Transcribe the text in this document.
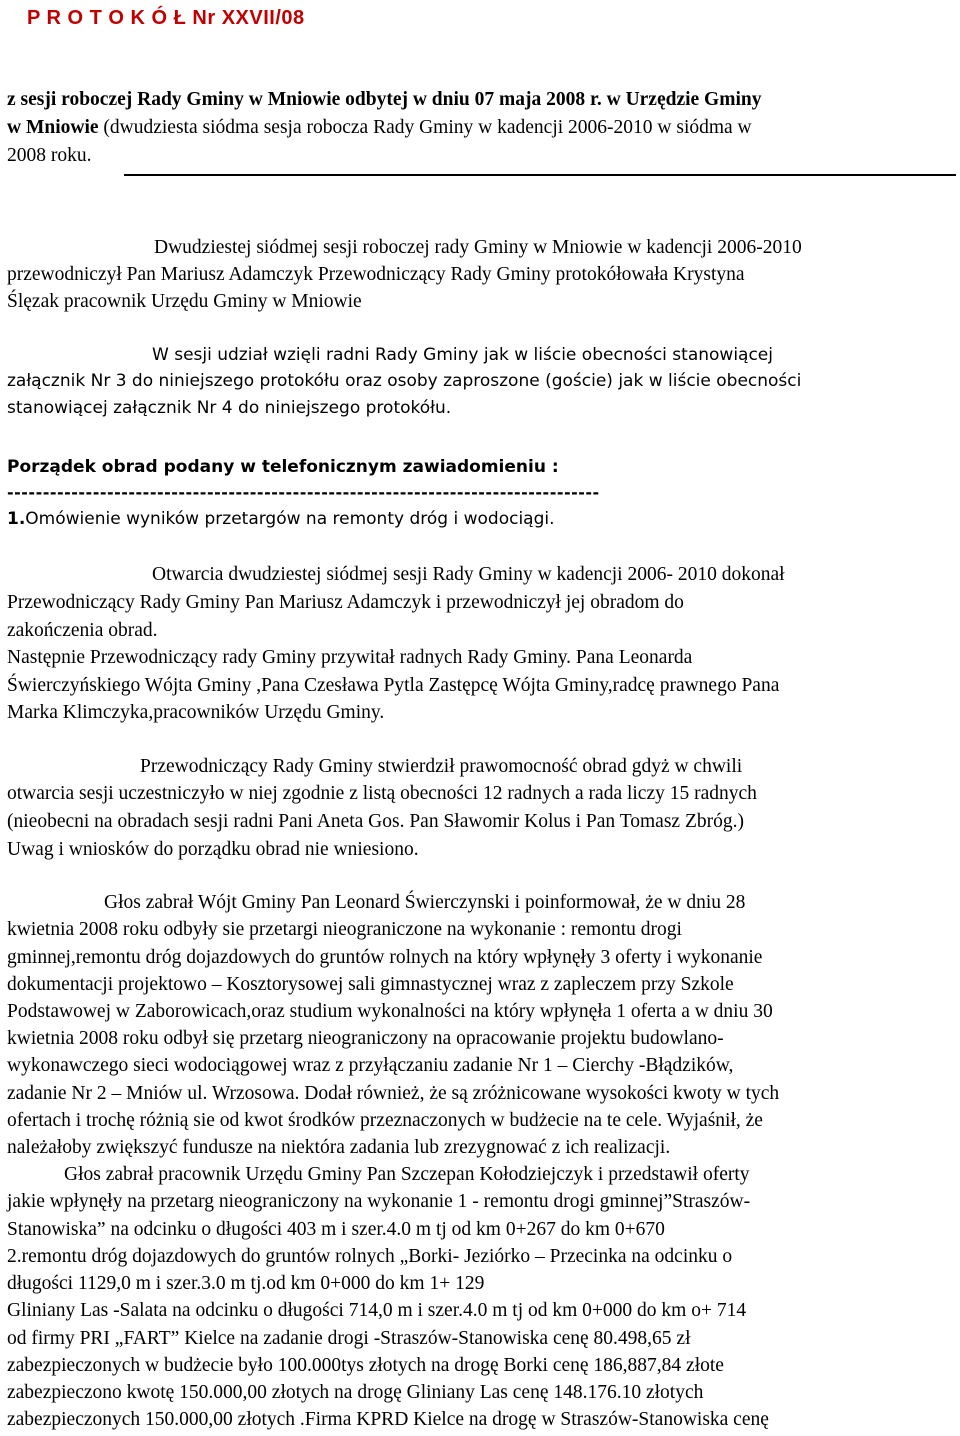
P R O T O K Ó Ł Nr XXVII/08
z sesji roboczej Rady Gminy w Mniowie odbytej w dniu 07 maja 2008 r. w Urzędzie Gminy
w Mniowie (dwudziesta siódma sesja robocza Rady Gminy w kadencji 2006-2010 w siódma w
2008 roku.
Dwudziestej siódmej sesji roboczej rady Gminy w Mniowie w kadencji 2006-2010
przewodniczył Pan Mariusz Adamczyk Przewodniczący Rady Gminy protokółowała Krystyna
Ślęzak pracownik Urzędu Gminy w Mniowie
W sesji udział wzięli radni Rady Gminy jak w liście obecności stanowiącej
załącznik Nr 3 do niniejszego protokółu oraz osoby zaproszone (goście) jak w liście obecności
stanowiącej załącznik Nr 4 do niniejszego protokółu.
Porządek obrad podany w telefonicznym zawiadomieniu :
-----------------------------------------------------------------------------------
1.Omówienie wyników przetargów na remonty dróg i wodociągi.
Otwarcia dwudziestej siódmej sesji Rady Gminy w kadencji 2006- 2010 dokonał
Przewodniczący Rady Gminy Pan Mariusz Adamczyk i przewodniczył jej obradom do
zakończenia obrad.
Następnie Przewodniczący rady Gminy przywitał radnych Rady Gminy. Pana Leonarda
Świerczyńskiego Wójta Gminy ,Pana Czesława Pytla Zastępcę Wójta Gminy,radcę prawnego Pana
Marka Klimczyka,pracowników Urzędu Gminy.
Przewodniczący Rady Gminy stwierdził prawomocność obrad gdyż w chwili
otwarcia sesji uczestniczyło w niej zgodnie z listą obecności 12 radnych a rada liczy 15 radnych
(nieobecni na obradach sesji radni Pani Aneta Gos. Pan Sławomir Kolus i Pan Tomasz Zbróg.)
Uwag i wniosków do porządku obrad nie wniesiono.
Głos zabrał Wójt Gminy Pan Leonard Świerczynski i poinformował, że w dniu 28
kwietnia 2008 roku odbyły sie przetargi nieograniczone na wykonanie : remontu drogi
gminnej,remontu dróg dojazdowych do gruntów rolnych na który wpłynęły 3 oferty i wykonanie
dokumentacji projektowo – Kosztorysowej sali gimnastycznej wraz z zapleczem przy Szkole
Podstawowej w Zaborowicach,oraz studium wykonalności na który wpłynęła 1 oferta a w dniu 30
kwietnia 2008 roku odbył się przetarg nieograniczony na opracowanie projektu budowlano-
wykonawczego sieci wodociągowej wraz z przyłączaniu zadanie Nr 1 – Cierchy -Błądzików,
zadanie Nr 2 – Mniów ul. Wrzosowa. Dodał również, że są zróżnicowane wysokości kwoty w tych
ofertach i trochę różnią sie od kwot środków przeznaczonych w budżecie na te cele. Wyjaśnił, że
należałoby zwiększyć fundusze na niektóra zadania lub zrezygnować z ich realizacji.
Głos zabrał pracownik Urzędu Gminy Pan Szczepan Kołodziejczyk i przedstawił oferty
jakie wpłynęły na przetarg nieograniczony na wykonanie 1 - remontu drogi gminnej”Straszów-
Stanowiska” na odcinku o długości 403 m i szer.4.0 m tj od km 0+267 do km 0+670
2.remontu dróg dojazdowych do gruntów rolnych „Borki- Jeziórko – Przecinka na odcinku o
długości 1129,0 m i szer.3.0 m tj.od km 0+000 do km 1+ 129
Gliniany Las -Salata na odcinku o długości 714,0 m i szer.4.0 m tj od km 0+000 do km o+ 714
od firmy PRI „FART” Kielce na zadanie drogi -Straszów-Stanowiska cenę 80.498,65 zł
zabezpieczonych w budżecie było 100.000tys złotych na drogę Borki cenę 186,887,84 złote
zabezpieczono kwotę 150.000,00 złotych na drogę Gliniany Las cenę 148.176.10 złotych
zabezpieczonych 150.000,00 złotych .Firma KPRD Kielce na drogę w Straszów-Stanowiska cenę
